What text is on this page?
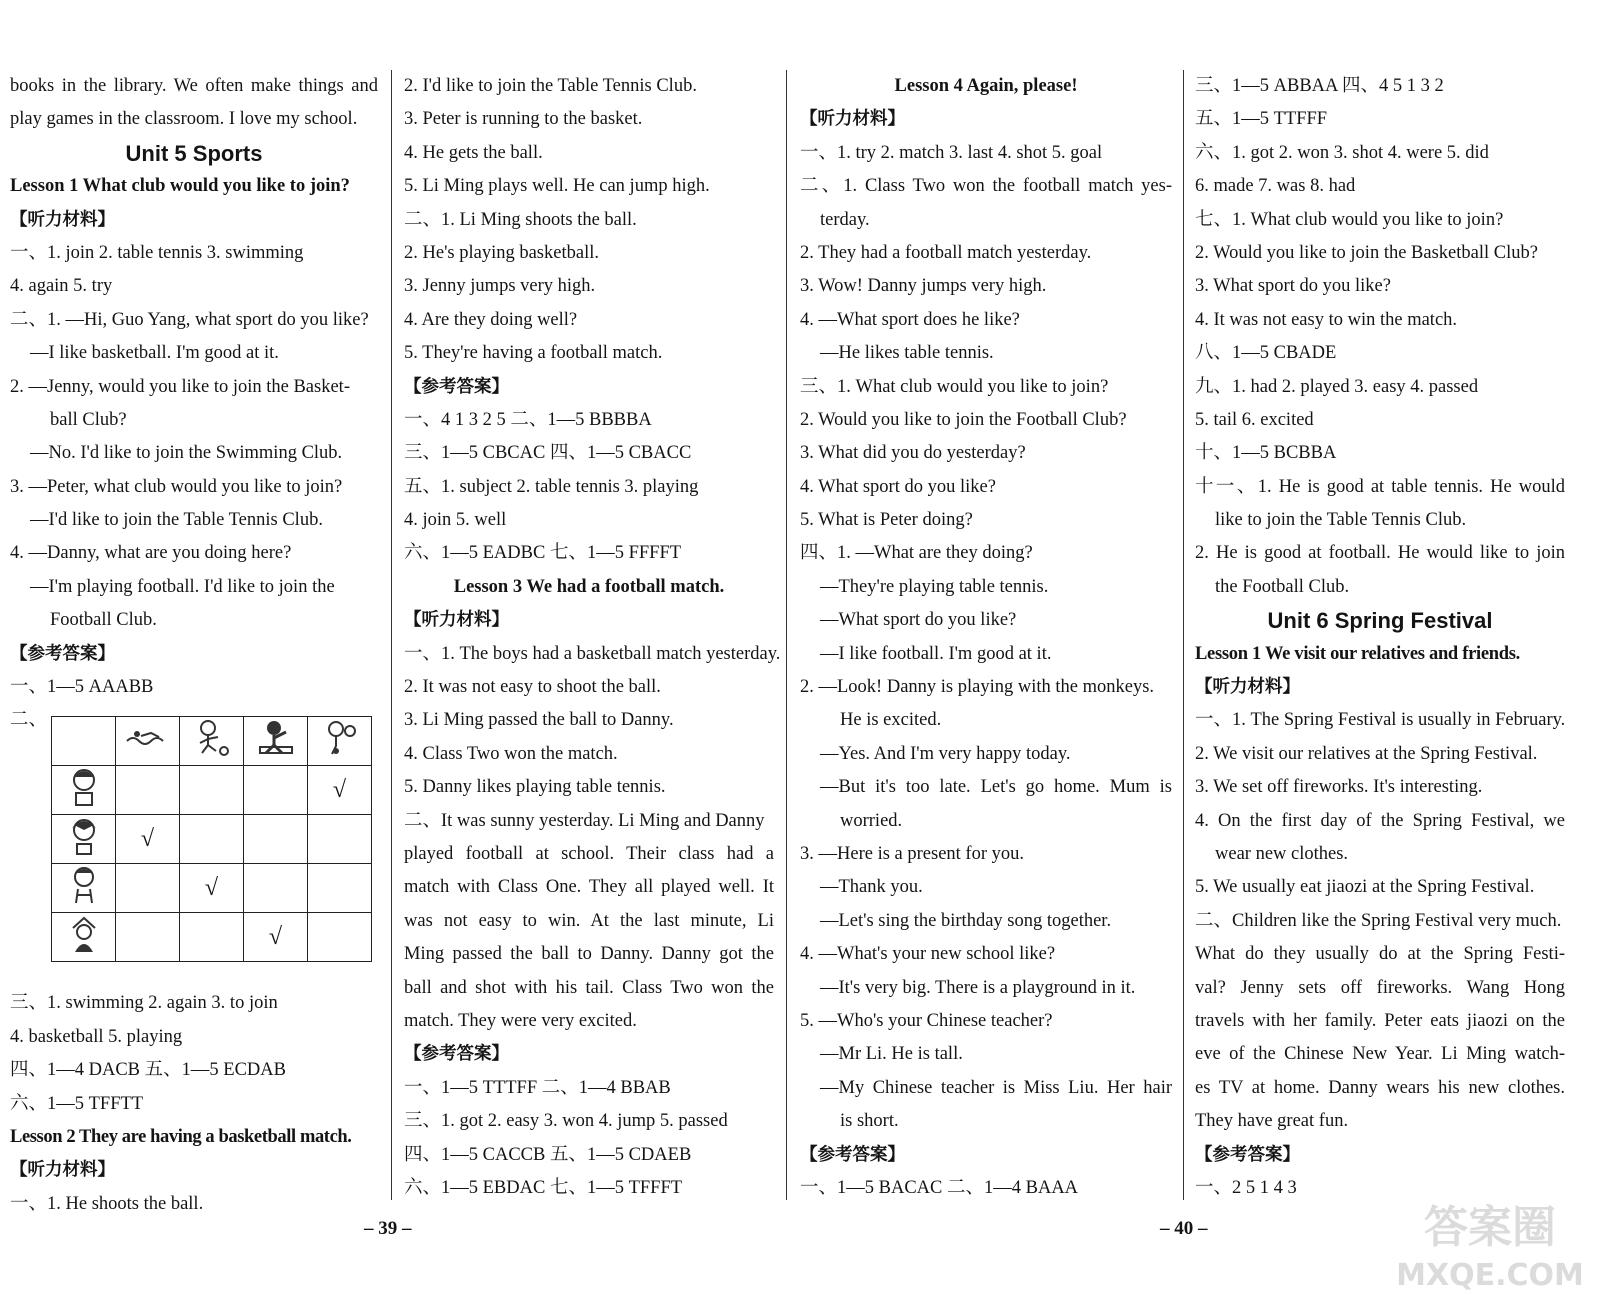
books in the library. We often make things and
play games in the classroom. I love my school.
Unit 5 Sports
Lesson 1 What club would you like to join?
【听力材料】
一、1. join 2. table tennis 3. swimming
4. again 5. try
二、1. —Hi, Guo Yang, what sport do you like?
—I like basketball. I'm good at it.
2. —Jenny, would you like to join the Basket-
ball Club?
—No. I'd like to join the Swimming Club.
3. —Peter, what club would you like to join?
—I'd like to join the Table Tennis Club.
4. —Danny, what are you doing here?
—I'm playing football. I'd like to join the
Football Club.
【参考答案】
一、1—5 AAABB
二、

				√
	√			
		√		
			√	
三、1. swimming 2. again 3. to join
4. basketball 5. playing
四、1—4 DACB 五、1—5 ECDAB
六、1—5 TFFTT
Lesson 2 They are having a basketball match.
【听力材料】
一、1. He shoots the ball.
2. I'd like to join the Table Tennis Club.
3. Peter is running to the basket.
4. He gets the ball.
5. Li Ming plays well. He can jump high.
二、1. Li Ming shoots the ball.
2. He's playing basketball.
3. Jenny jumps very high.
4. Are they doing well?
5. They're having a football match.
【参考答案】
一、4 1 3 2 5 二、1—5 BBBBA
三、1—5 CBCAC 四、1—5 CBACC
五、1. subject 2. table tennis 3. playing
4. join 5. well
六、1—5 EADBC 七、1—5 FFFFT
Lesson 3 We had a football match.
【听力材料】
一、1. The boys had a basketball match yesterday.
2. It was not easy to shoot the ball.
3. Li Ming passed the ball to Danny.
4. Class Two won the match.
5. Danny likes playing table tennis.
二、It was sunny yesterday. Li Ming and Danny
played football at school. Their class had a
match with Class One. They all played well. It
was not easy to win. At the last minute, Li
Ming passed the ball to Danny. Danny got the
ball and shot with his tail. Class Two won the
match. They were very excited.
【参考答案】
一、1—5 TTTFF 二、1—4 BBAB
三、1. got 2. easy 3. won 4. jump 5. passed
四、1—5 CACCB 五、1—5 CDAEB
六、1—5 EBDAC 七、1—5 TFFFT
Lesson 4 Again, please!
【听力材料】
一、1. try 2. match 3. last 4. shot 5. goal
二、1. Class Two won the football match yes-
terday.
2. They had a football match yesterday.
3. Wow! Danny jumps very high.
4. —What sport does he like?
—He likes table tennis.
三、1. What club would you like to join?
2. Would you like to join the Football Club?
3. What did you do yesterday?
4. What sport do you like?
5. What is Peter doing?
四、1. —What are they doing?
—They're playing table tennis.
—What sport do you like?
—I like football. I'm good at it.
2. —Look! Danny is playing with the monkeys.
He is excited.
—Yes. And I'm very happy today.
—But it's too late. Let's go home. Mum is
worried.
3. —Here is a present for you.
—Thank you.
—Let's sing the birthday song together.
4. —What's your new school like?
—It's very big. There is a playground in it.
5. —Who's your Chinese teacher?
—Mr Li. He is tall.
—My Chinese teacher is Miss Liu. Her hair
is short.
【参考答案】
一、1—5 BACAC 二、1—4 BAAA
三、1—5 ABBAA 四、4 5 1 3 2
五、1—5 TTFFF
六、1. got 2. won 3. shot 4. were 5. did
6. made 7. was 8. had
七、1. What club would you like to join?
2. Would you like to join the Basketball Club?
3. What sport do you like?
4. It was not easy to win the match.
八、1—5 CBADE
九、1. had 2. played 3. easy 4. passed
5. tail 6. excited
十、1—5 BCBBA
十一、1. He is good at table tennis. He would
like to join the Table Tennis Club.
2. He is good at football. He would like to join
the Football Club.
Unit 6 Spring Festival
Lesson 1 We visit our relatives and friends.
【听力材料】
一、1. The Spring Festival is usually in February.
2. We visit our relatives at the Spring Festival.
3. We set off fireworks. It's interesting.
4. On the first day of the Spring Festival, we
wear new clothes.
5. We usually eat jiaozi at the Spring Festival.
二、Children like the Spring Festival very much.
What do they usually do at the Spring Festi-
val? Jenny sets off fireworks. Wang Hong
travels with her family. Peter eats jiaozi on the
eve of the Chinese New Year. Li Ming watch-
es TV at home. Danny wears his new clothes.
They have great fun.
【参考答案】
一、2 5 1 4 3
– 39 –	– 40 –	答案圈
MXQE.COM
